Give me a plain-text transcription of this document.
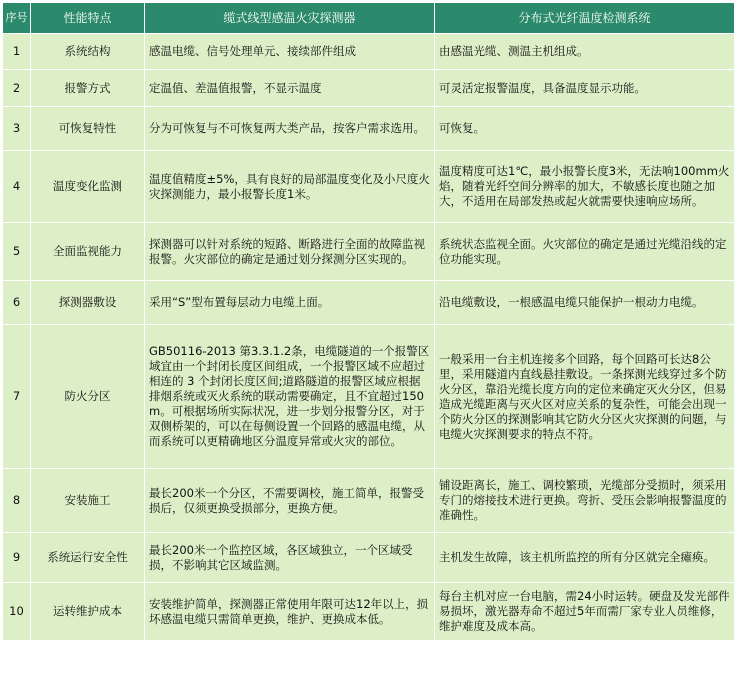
序号	性能特点	缆式线型感温火灾探测器	分布式光纤温度检测系统
1	系统结构	感温电缆、信号处理单元、接续部件组成	由感温光缆、测温主机组成。
2	报警方式	定温值、差温值报警，不显示温度	可灵活定报警温度，具备温度显示功能。
3	可恢复特性	分为可恢复与不可恢复两大类产品，按客户需求选用。	可恢复。
4	温度变化监测	温度值精度±5%，具有良好的局部温度变化及小尺度火灾探测能力，最小报警长度1米。	温度精度可达1℃，最小报警长度3米，无法响100mm火焰，随着光纤空间分辨率的加大，不敏感长度也随之加大，不适用在局部发热或起火就需要快速响应场所。
5	全面监视能力	探测器可以针对系统的短路、断路进行全面的故障监视报警。火灾部位的确定是通过划分探测分区实现的。	系统状态监视全面。火灾部位的确定是通过光缆沿线的定位功能实现。
6	探测器敷设	采用“S”型布置每层动力电缆上面。	沿电缆敷设，一根感温电缆只能保护一根动力电缆。
7	防火分区	GB50116-2013 第3.3.1.2条，电缆隧道的一个报警区域宜由一个封闭长度区间组成，一个报警区域不应超过相连的 3 个封闭长度区间;道路隧道的报警区域应根据排烟系统或灭火系统的联动需要确定，且不宜超过150m。可根据场所实际状况，进一步划分报警分区，对于双侧桥架的，可以在每侧设置一个回路的感温电缆，从而系统可以更精确地区分温度异常或火灾的部位。	一般采用一台主机连接多个回路，每个回路可长达8公里，采用隧道内直线悬挂敷设。一条探测光线穿过多个防火分区，靠沿光缆长度方向的定位来确定灭火分区，但易造成光缆距离与灭火区对应关系的复杂性，可能会出现一个防火分区的探测影响其它防火分区火灾探测的问题，与电缆火灾探测要求的特点不符。
8	安装施工	最长200米一个分区，不需要调校，施工简单，报警受损后，仅须更换受损部分，更换方便。	铺设距离长，施工、调校繁琐，光缆部分受损时，须采用专门的熔接技术进行更换。弯折、受压会影响报警温度的准确性。
9	系统运行安全性	最长200米一个监控区域，各区域独立，一个区域受损，不影响其它区域监测。	主机发生故障，该主机所监控的所有分区就完全瘫痪。
10	运转维护成本	安装维护简单，探测器正常使用年限可达12年以上，损坏感温电缆只需简单更换，维护、更换成本低。	每台主机对应一台电脑，需24小时运转。硬盘及发光部件易损坏，激光器寿命不超过5年而需厂家专业人员维修，维护难度及成本高。
